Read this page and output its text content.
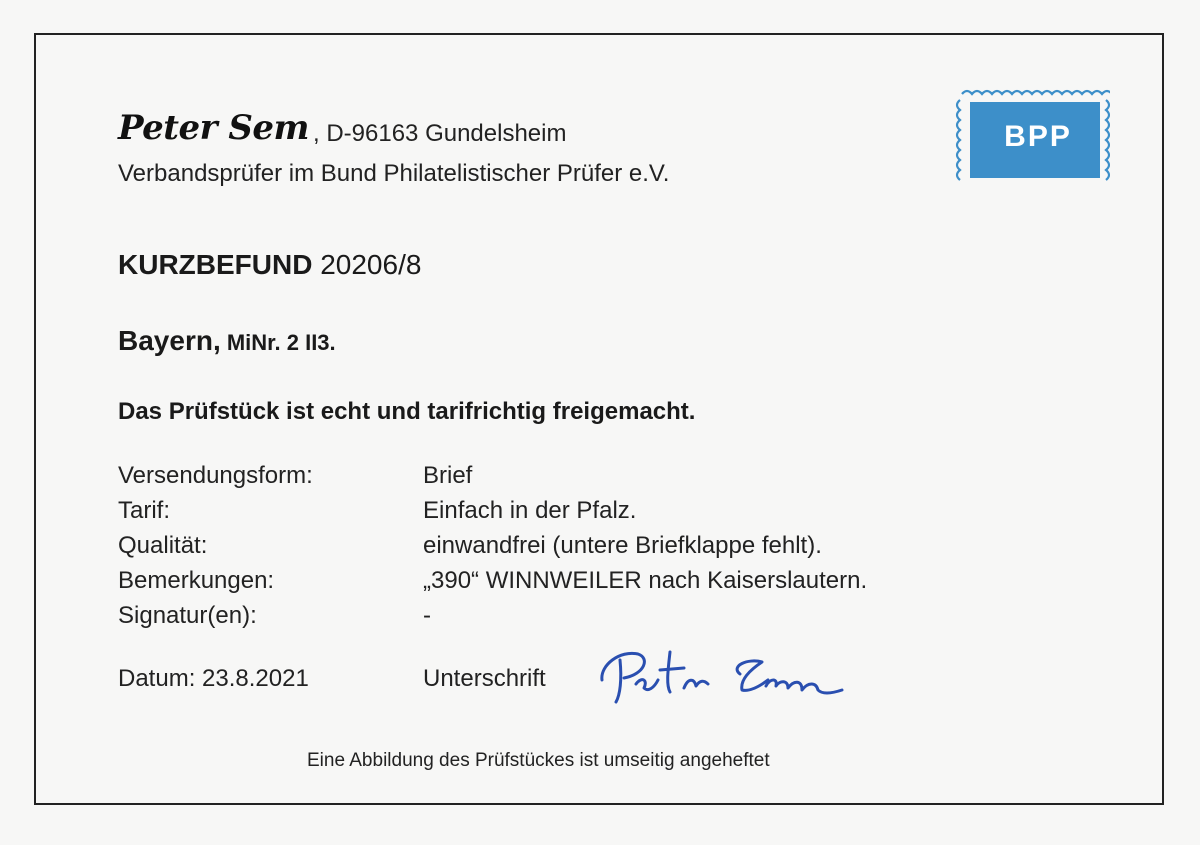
Peter Sem , D-96163 Gundelsheim
Verbandsprüfer im Bund Philatelistischer Prüfer e.V.
BPP
KURZBEFUND 20206/8
Bayern, MiNr. 2 II3.
Das Prüfstück ist echt und tarifrichtig freigemacht.
Versendungsform:	Brief
Tarif:	Einfach in der Pfalz.
Qualität:	einwandfrei (untere Briefklappe fehlt).
Bemerkungen:	„390“ WINNWEILER nach Kaiserslautern.
Signatur(en):	-
Datum: 23.8.2021	Unterschrift
Eine Abbildung des Prüfstückes ist umseitig angeheftet
